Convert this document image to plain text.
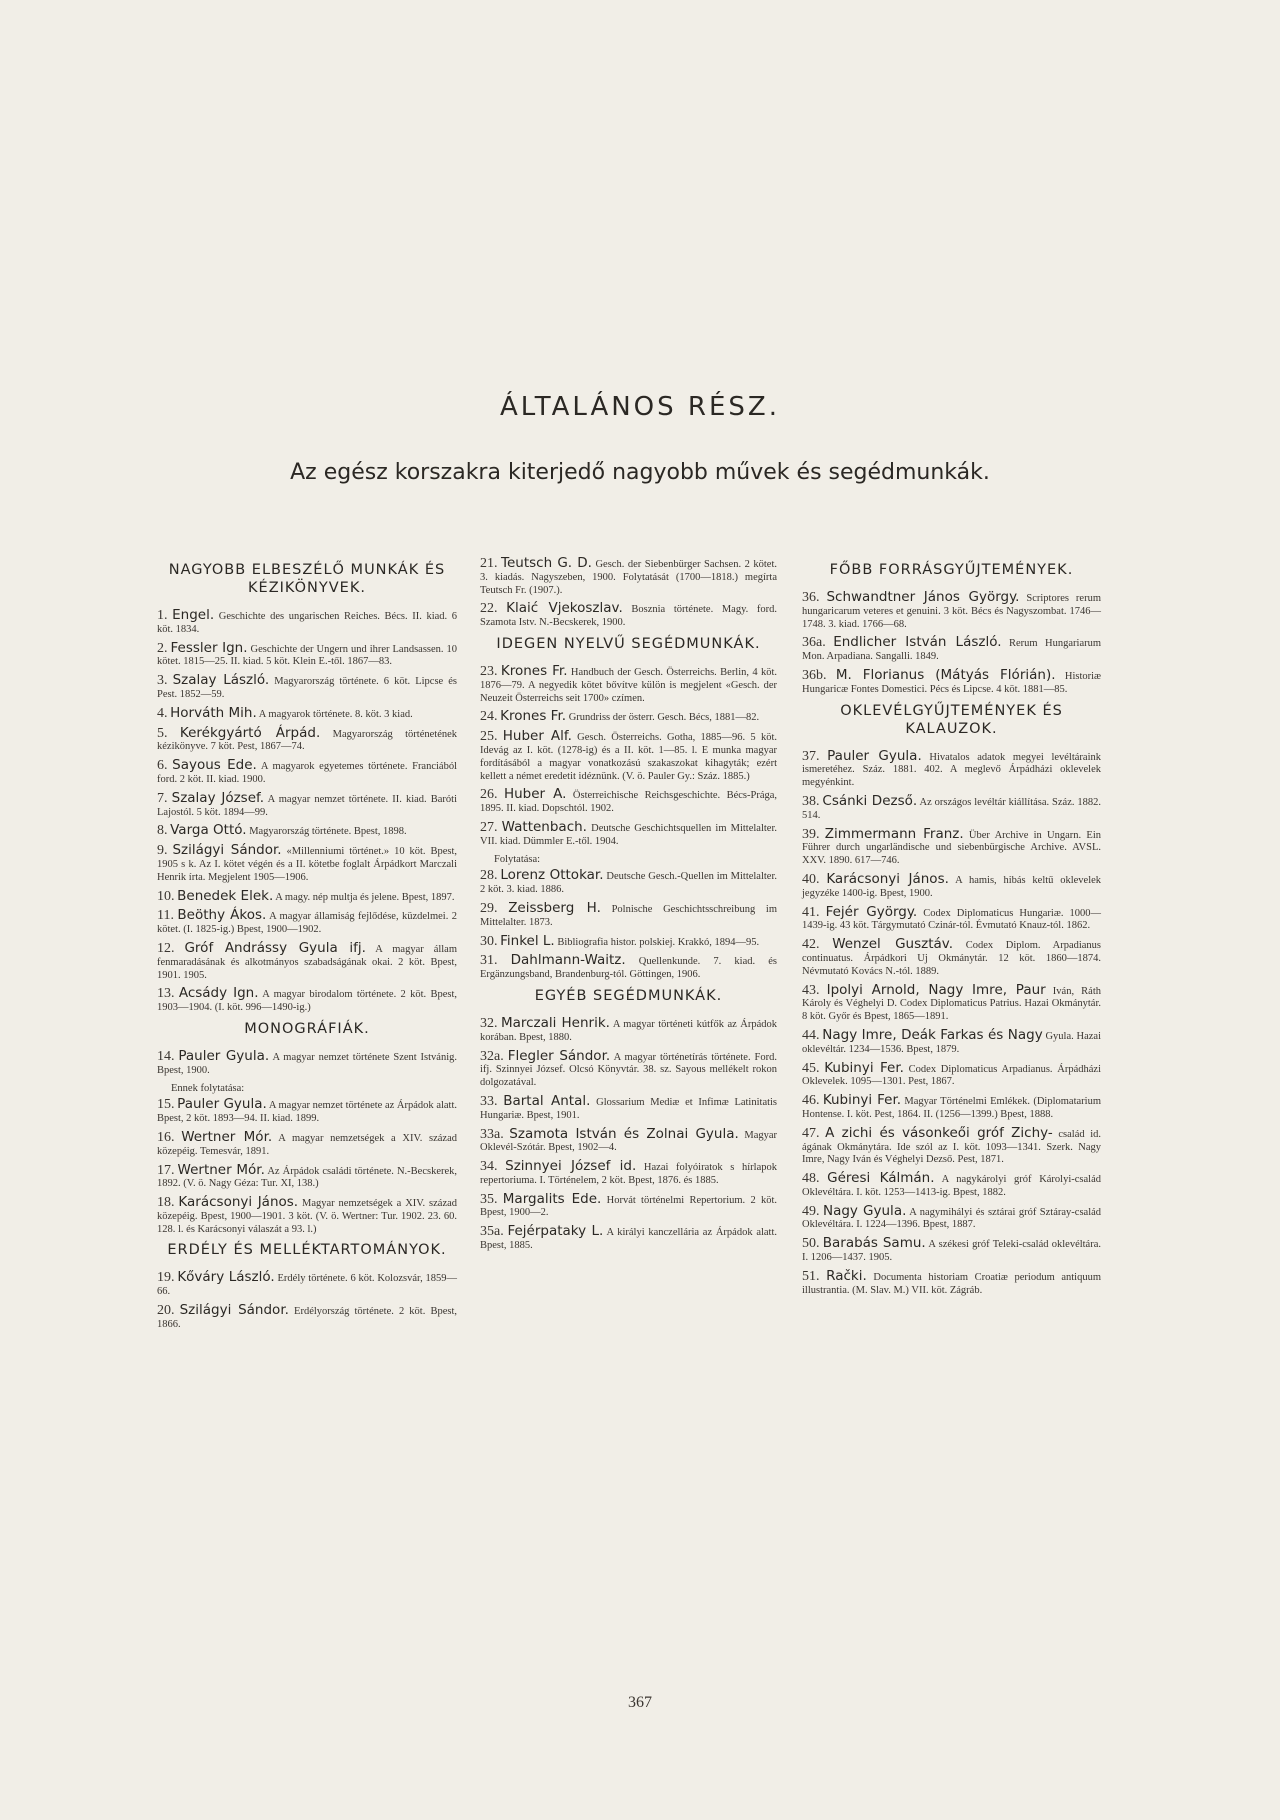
ÁLTALÁNOS RÉSZ.
Az egész korszakra kiterjedő nagyobb művek és segédmunkák.
NAGYOBB ELBESZÉLŐ MUNKÁK ÉS KÉZIKÖNYVEK.
1. Engel. Geschichte des ungarischen Reiches. Bécs. II. kiad. 6 köt. 1834.
2. Fessler Ign. Geschichte der Ungern und ihrer Landsassen. 10 kötet. 1815—25. II. kiad. 5 köt. Klein E.-től. 1867—83.
3. Szalay László. Magyarország története. 6 köt. Lipcse és Pest. 1852—59.
4. Horváth Mih. A magyarok története. 8. köt. 3 kiad.
5. Kerékgyártó Árpád. Magyarország történetének kézikönyve. 7 köt. Pest, 1867—74.
6. Sayous Ede. A magyarok egyetemes története. Franciából ford. 2 köt. II. kiad. 1900.
7. Szalay József. A magyar nemzet története. II. kiad. Baróti Lajostól. 5 köt. 1894—99.
8. Varga Ottó. Magyarország története. Bpest, 1898.
9. Szilágyi Sándor. «Millenniumi történet.» 10 köt. Bpest, 1905 s k. Az I. kötet végén és a II. kötetbe foglalt Árpádkort Marczali Henrik írta. Megjelent 1905—1906.
10. Benedek Elek. A magy. nép multja és jelene. Bpest, 1897.
11. Beöthy Ákos. A magyar államiság fejlődése, küzdelmei. 2 kötet. (I. 1825-ig.) Bpest, 1900—1902.
12. Gróf Andrássy Gyula ifj. A magyar állam fenmaradásának és alkotmányos szabadságának okai. 2 köt. Bpest, 1901. 1905.
13. Acsády Ign. A magyar birodalom története. 2 köt. Bpest, 1903—1904. (I. köt. 996—1490-ig.)
MONOGRÁFIÁK.
14. Pauler Gyula. A magyar nemzet története Szent Istvánig. Bpest, 1900.
Ennek folytatása:
15. Pauler Gyula. A magyar nemzet története az Árpádok alatt. Bpest, 2 köt. 1893—94. II. kiad. 1899.
16. Wertner Mór. A magyar nemzetségek a XIV. század közepéig. Temesvár, 1891.
17. Wertner Mór. Az Árpádok családi története. N.-Becskerek, 1892. (V. ö. Nagy Géza: Tur. XI, 138.)
18. Karácsonyi János. Magyar nemzetségek a XIV. század közepéig. Bpest, 1900—1901. 3 köt. (V. ö. Wertner: Tur. 1902. 23. 60. 128. l. és Karácsonyi válaszát a 93. l.)
ERDÉLY ÉS MELLÉKTARTOMÁNYOK.
19. Kőváry László. Erdély története. 6 köt. Kolozsvár, 1859—66.
20. Szilágyi Sándor. Erdélyország története. 2 köt. Bpest, 1866.
21. Teutsch G. D. Gesch. der Siebenbürger Sachsen. 2 kötet. 3. kiadás. Nagyszeben, 1900. Folytatását (1700—1818.) megírta Teutsch Fr. (1907.).
22. Klaić Vjekoszlav. Bosznia története. Magy. ford. Szamota Istv. N.-Becskerek, 1900.
IDEGEN NYELVŰ SEGÉDMUNKÁK.
23. Krones Fr. Handbuch der Gesch. Österreichs. Berlin, 4 köt. 1876—79. A negyedik kötet bővítve külön is megjelent «Gesch. der Neuzeit Österreichs seit 1700» czímen.
24. Krones Fr. Grundriss der österr. Gesch. Bécs, 1881—82.
25. Huber Alf. Gesch. Österreichs. Gotha, 1885—96. 5 köt. Idevág az I. köt. (1278-ig) és a II. köt. 1—85. l. E munka magyar fordításából a magyar vonatkozású szakaszokat kihagyták; ezért kellett a német eredetit idéznünk. (V. ö. Pauler Gy.: Száz. 1885.)
26. Huber A. Österreichische Reichsgeschichte. Bécs-Prága, 1895. II. kiad. Dopschtól. 1902.
27. Wattenbach. Deutsche Geschichtsquellen im Mittelalter. VII. kiad. Dümmler E.-től. 1904.
Folytatása:
28. Lorenz Ottokar. Deutsche Gesch.-Quellen im Mittelalter. 2 köt. 3. kiad. 1886.
29. Zeissberg H. Polnische Geschichtsschreibung im Mittelalter. 1873.
30. Finkel L. Bibliografia histor. polskiej. Krakkó, 1894—95.
31. Dahlmann-Waitz. Quellenkunde. 7. kiad. és Ergänzungsband, Brandenburg-tól. Göttingen, 1906.
EGYÉB SEGÉDMUNKÁK.
32. Marczali Henrik. A magyar történeti kútfők az Árpádok korában. Bpest, 1880.
32a. Flegler Sándor. A magyar történetírás története. Ford. ifj. Szinnyei József. Olcsó Könyvtár. 38. sz. Sayous mellékelt rokon dolgozatával.
33. Bartal Antal. Glossarium Mediæ et Infimæ Latinitatis Hungariæ. Bpest, 1901.
33a. Szamota István és Zolnai Gyula. Magyar Oklevél-Szótár. Bpest, 1902—4.
34. Szinnyei József id. Hazai folyóiratok s hírlapok repertoriuma. I. Történelem, 2 köt. Bpest, 1876. és 1885.
35. Margalits Ede. Horvát történelmi Repertorium. 2 köt. Bpest, 1900—2.
35a. Fejérpataky L. A királyi kanczellária az Árpádok alatt. Bpest, 1885.
FŐBB FORRÁSGYŰJTEMÉNYEK.
36. Schwandtner János György. Scriptores rerum hungaricarum veteres et genuini. 3 köt. Bécs és Nagyszombat. 1746—1748. 3. kiad. 1766—68.
36a. Endlicher István László. Rerum Hungariarum Mon. Arpadiana. Sangalli. 1849.
36b. M. Florianus (Mátyás Flórián). Historiæ Hungaricæ Fontes Domestici. Pécs és Lipcse. 4 köt. 1881—85.
OKLEVÉLGYŰJTEMÉNYEK ÉS KALAUZOK.
37. Pauler Gyula. Hivatalos adatok megyei levéltáraink ismeretéhez. Száz. 1881. 402. A meglevő Árpádházi oklevelek megyénkint.
38. Csánki Dezső. Az országos levéltár kiállítása. Száz. 1882. 514.
39. Zimmermann Franz. Über Archive in Ungarn. Ein Führer durch ungarländische und siebenbürgische Archive. AVSL. XXV. 1890. 617—746.
40. Karácsonyi János. A hamis, hibás keltű oklevelek jegyzéke 1400-ig. Bpest, 1900.
41. Fejér György. Codex Diplomaticus Hungariæ. 1000—1439-ig. 43 köt. Tárgymutató Czinár-tól. Évmutató Knauz-tól. 1862.
42. Wenzel Gusztáv. Codex Diplom. Arpadianus continuatus. Árpádkori Uj Okmánytár. 12 köt. 1860—1874. Névmutató Kovács N.-tól. 1889.
43. Ipolyi Arnold, Nagy Imre, Paur Iván, Ráth Károly és Véghelyi D. Codex Diplomaticus Patrius. Hazai Okmánytár. 8 köt. Győr és Bpest, 1865—1891.
44. Nagy Imre, Deák Farkas és Nagy Gyula. Hazai oklevéltár. 1234—1536. Bpest, 1879.
45. Kubinyi Fer. Codex Diplomaticus Arpadianus. Árpádházi Oklevelek. 1095—1301. Pest, 1867.
46. Kubinyi Fer. Magyar Történelmi Emlékek. (Diplomatarium Hontense. I. köt. Pest, 1864. II. (1256—1399.) Bpest, 1888.
47. A zichi és vásonkeői gróf Zichy- család id. ágának Okmánytára. Ide szól az I. köt. 1093—1341. Szerk. Nagy Imre, Nagy Iván és Véghelyi Dezső. Pest, 1871.
48. Géresi Kálmán. A nagykárolyi gróf Károlyi-család Oklevéltára. I. köt. 1253—1413-ig. Bpest, 1882.
49. Nagy Gyula. A nagymihályi és sztárai gróf Sztáray-család Oklevéltára. I. 1224—1396. Bpest, 1887.
50. Barabás Samu. A székesi gróf Teleki-család oklevéltára. I. 1206—1437. 1905.
51. Rački. Documenta historiam Croatiæ periodum antiquum illustrantia. (M. Slav. M.) VII. köt. Zágráb.
367
